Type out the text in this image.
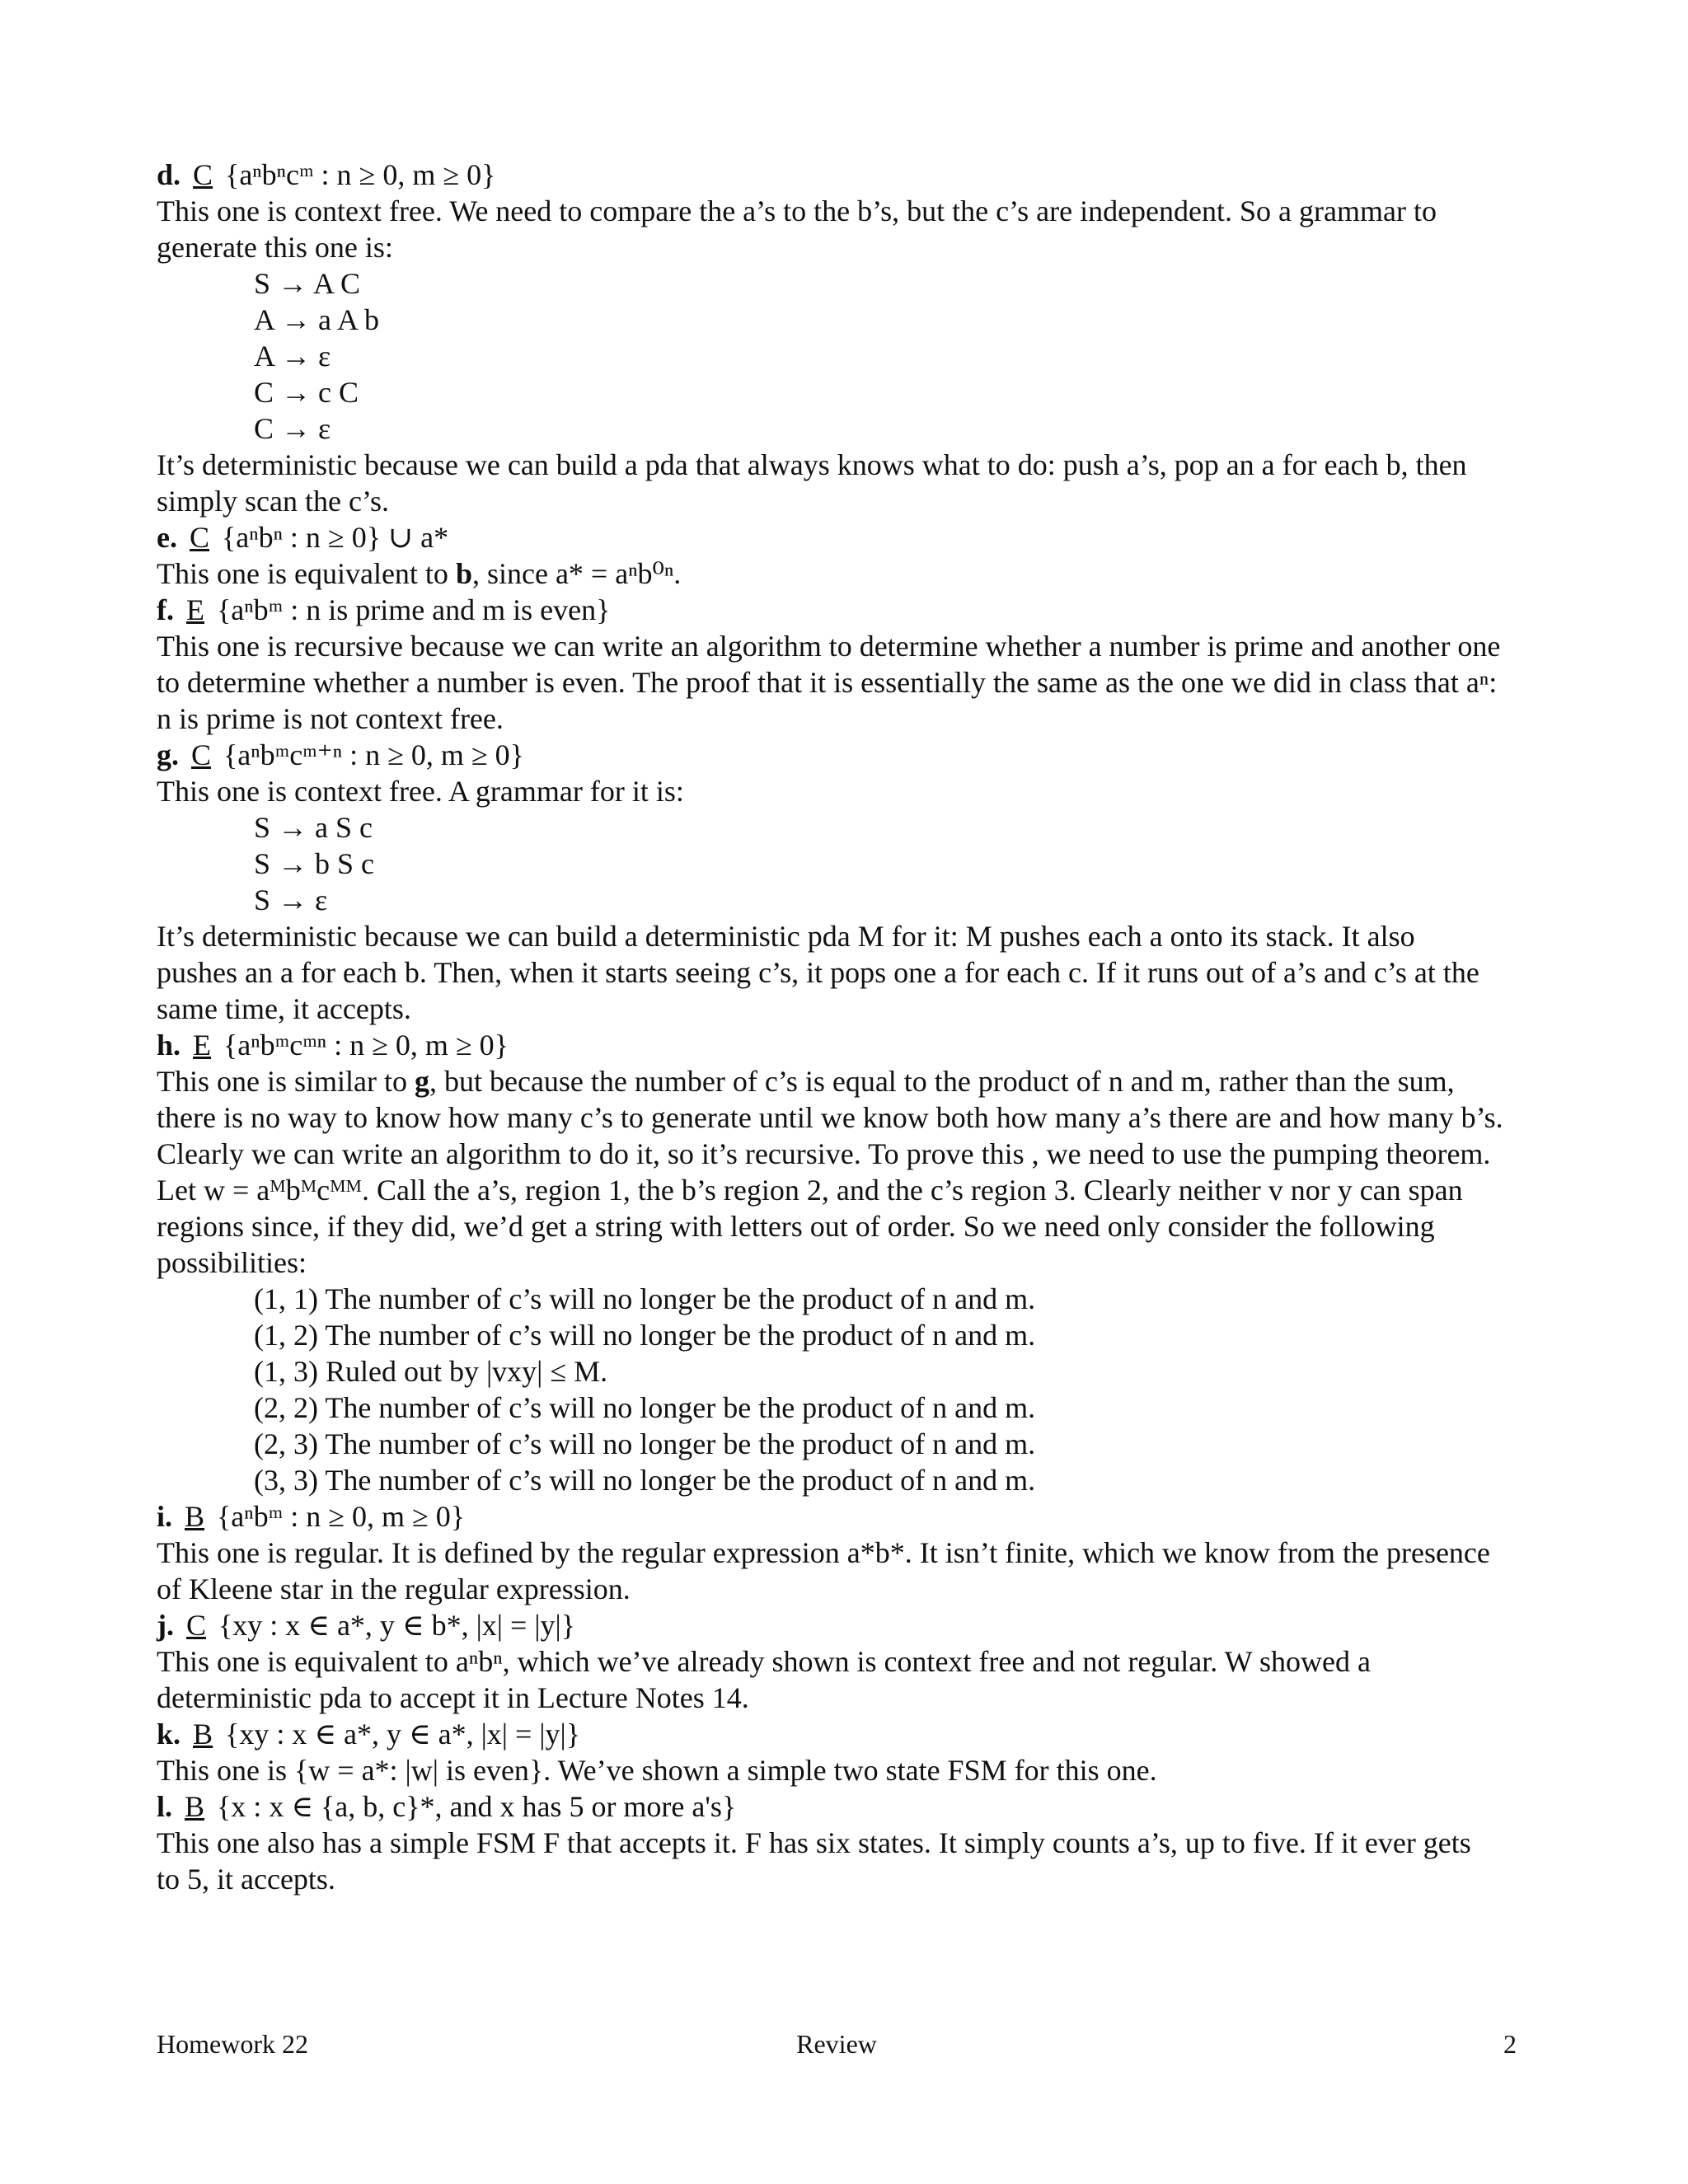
d. C {aⁿbⁿcᵐ : n ≥ 0, m ≥ 0}
This one is context free. We need to compare the a’s to the b’s, but the c’s are independent. So a grammar to
generate this one is:
S → A C
A → a A b
A → ε
C → c C
C → ε
It’s deterministic because we can build a pda that always knows what to do: push a’s, pop an a for each b, then
simply scan the c’s.
e. C {aⁿbⁿ : n ≥ 0} ∪ a*
This one is equivalent to b, since a* = aⁿb⁰ⁿ.
f. E {aⁿbᵐ : n is prime and m is even}
This one is recursive because we can write an algorithm to determine whether a number is prime and another one
to determine whether a number is even. The proof that it is essentially the same as the one we did in class that aⁿ:
n is prime is not context free.
g. C {aⁿbᵐcᵐ⁺ⁿ : n ≥ 0, m ≥ 0}
This one is context free. A grammar for it is:
S → a S c
S → b S c
S → ε
It’s deterministic because we can build a deterministic pda M for it: M pushes each a onto its stack. It also
pushes an a for each b. Then, when it starts seeing c’s, it pops one a for each c. If it runs out of a’s and c’s at the
same time, it accepts.
h. E {aⁿbᵐcᵐⁿ : n ≥ 0, m ≥ 0}
This one is similar to g, but because the number of c’s is equal to the product of n and m, rather than the sum,
there is no way to know how many c’s to generate until we know both how many a’s there are and how many b’s.
Clearly we can write an algorithm to do it, so it’s recursive. To prove this , we need to use the pumping theorem.
Let w = aᴹbᴹcᴹᴹ. Call the a’s, region 1, the b’s region 2, and the c’s region 3. Clearly neither v nor y can span
regions since, if they did, we’d get a string with letters out of order. So we need only consider the following
possibilities:
(1, 1) The number of c’s will no longer be the product of n and m.
(1, 2) The number of c’s will no longer be the product of n and m.
(1, 3) Ruled out by |vxy| ≤ M.
(2, 2) The number of c’s will no longer be the product of n and m.
(2, 3) The number of c’s will no longer be the product of n and m.
(3, 3) The number of c’s will no longer be the product of n and m.
i. B {aⁿbᵐ : n ≥ 0, m ≥ 0}
This one is regular. It is defined by the regular expression a*b*. It isn’t finite, which we know from the presence
of Kleene star in the regular expression.
j. C {xy : x ∈ a*, y ∈ b*, |x| = |y|}
This one is equivalent to aⁿbⁿ, which we’ve already shown is context free and not regular. W showed a
deterministic pda to accept it in Lecture Notes 14.
k. B {xy : x ∈ a*, y ∈ a*, |x| = |y|}
This one is {w = a*: |w| is even}. We’ve shown a simple two state FSM for this one.
l. B {x : x ∈ {a, b, c}*, and x has 5 or more a's}
This one also has a simple FSM F that accepts it. F has six states. It simply counts a’s, up to five. If it ever gets
to 5, it accepts.
Homework 22	Review	2
